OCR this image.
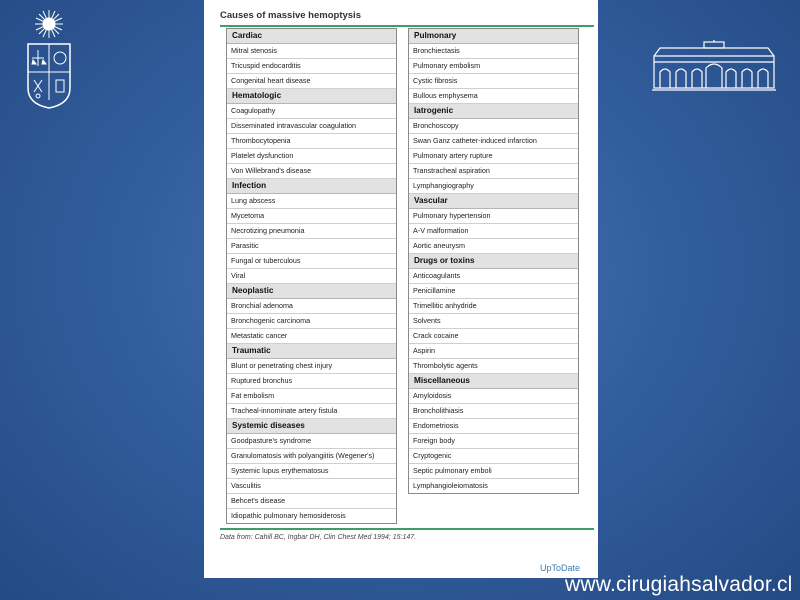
Causes of massive hemoptysis
Cardiac
Mitral stenosis
Tricuspid endocarditis
Congenital heart disease
Hematologic
Coagulopathy
Disseminated intravascular coagulation
Thrombocytopenia
Platelet dysfunction
Von Willebrand's disease
Infection
Lung abscess
Mycetoma
Necrotizing pneumonia
Parasitic
Fungal or tuberculous
Viral
Neoplastic
Bronchial adenoma
Bronchogenic carcinoma
Metastatic cancer
Traumatic
Blunt or penetrating chest injury
Ruptured bronchus
Fat embolism
Tracheal-innominate artery fistula
Systemic diseases
Goodpasture's syndrome
Granulomatosis with polyangiitis (Wegener's)
Systemic lupus erythematosus
Vasculitis
Behcet's disease
Idiopathic pulmonary hemosiderosis
Pulmonary
Bronchiectasis
Pulmonary embolism
Cystic fibrosis
Bullous emphysema
Iatrogenic
Bronchoscopy
Swan Ganz catheter-induced infarction
Pulmonary artery rupture
Transtracheal aspiration
Lymphangiography
Vascular
Pulmonary hypertension
A-V malformation
Aortic aneurysm
Drugs or toxins
Anticoagulants
Penicillamine
Trimellitic anhydride
Solvents
Crack cocaine
Aspirin
Thrombolytic agents
Miscellaneous
Amyloidosis
Broncholithiasis
Endometriosis
Foreign body
Cryptogenic
Septic pulmonary emboli
Lymphangioleiomatosis
Data from: Cahill BC, Ingbar DH, Clin Chest Med 1994; 15:147.
UpToDate
www.cirugiahsalvador.cl
